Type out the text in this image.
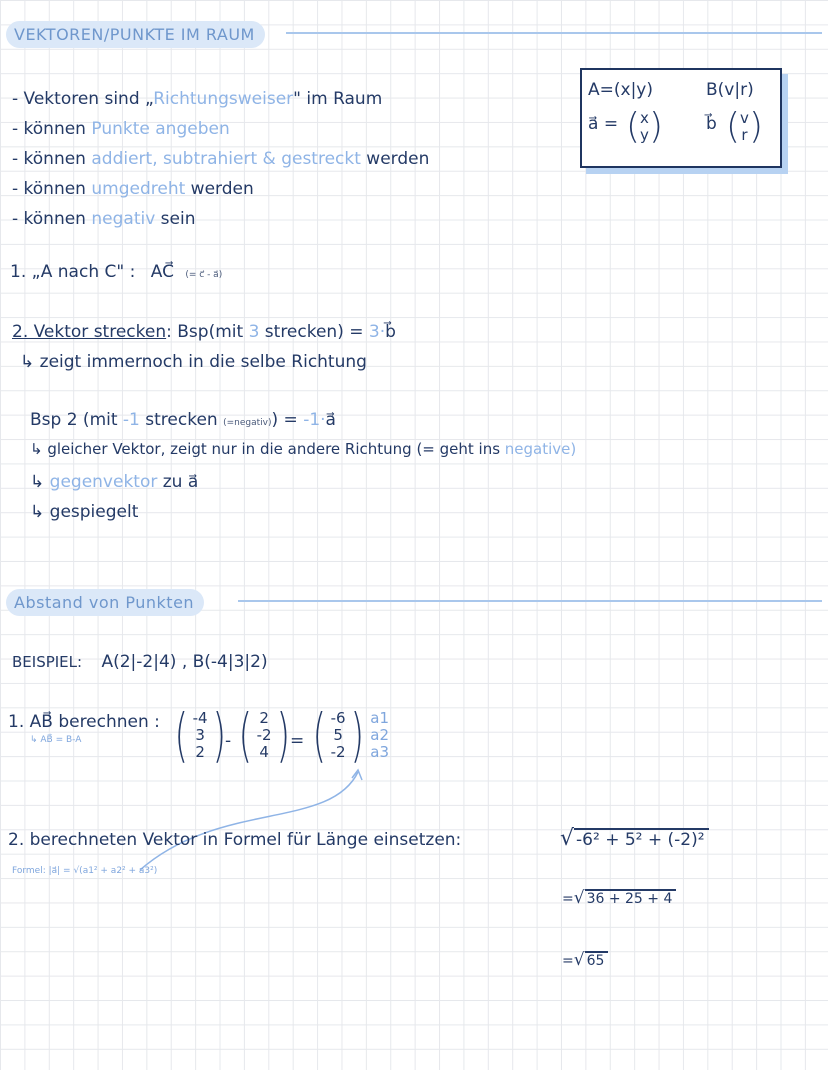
VEKTOREN/PUNKTE IM RAUM
- Vektoren sind „Richtungsweiser" im Raum
- können Punkte angeben
- können addiert, subtrahiert & gestreckt werden
- können umgedreht werden
- können negativ sein
A=(x|y)	B(v|r)
a⃗ = ( x
y )	b⃗ ( v
r )
1. „A nach C" : AC⃗ (= c⃗ - a⃗)
2. Vektor strecken: Bsp(mit 3 strecken) = 3·b⃗
↳ zeigt immernoch in die selbe Richtung
Bsp 2 (mit -1 strecken (=negativ)) = -1·a⃗
↳ gleicher Vektor, zeigt nur in die andere Richtung (= geht ins negative)
↳ gegenvektor zu a⃗
↳ gespiegelt
Abstand von Punkten
BEISPIEL: A(2|-2|4) , B(-4|3|2)
1. AB⃗ berechnen :
↳ AB⃗ = B-A ( -4
3
2 ) - ( 2
-2
4 ) = ( -6
5
-2 ) a1
a2
a3
2. berechneten Vektor in Formel für Länge einsetzen:
Formel: |a⃗| = √(a1² + a2² + a3²)
√ -6² + 5² + (-2)²
=√ 36 + 25 + 4
=√ 65
